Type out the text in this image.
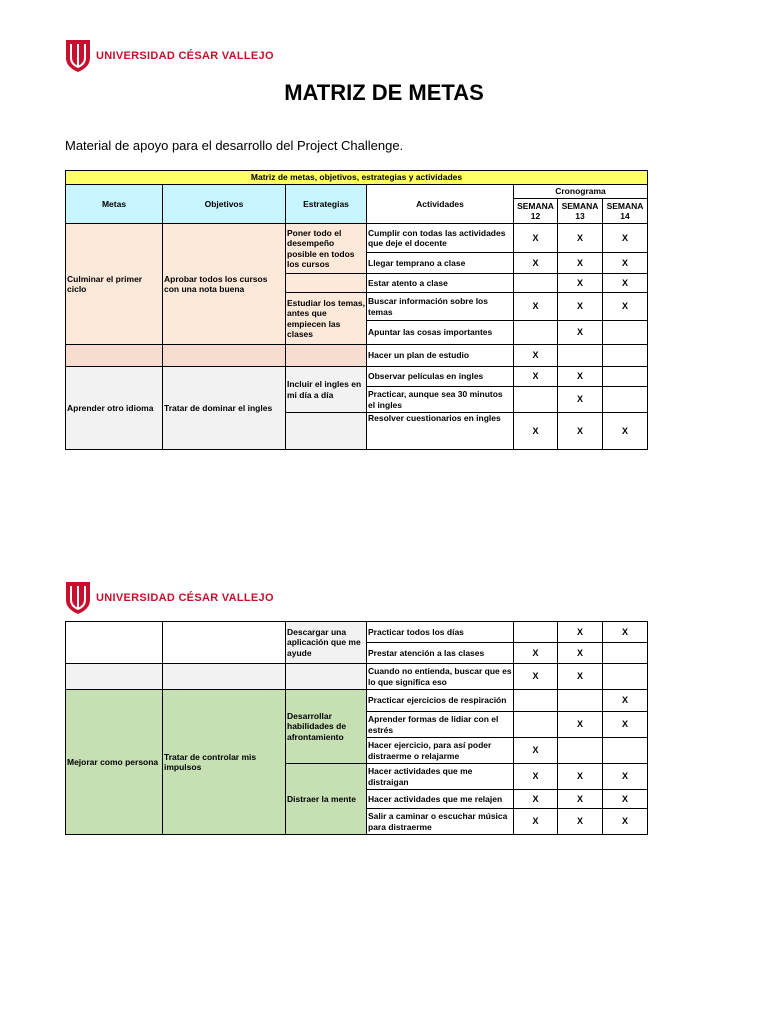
UNIVERSIDAD CÉSAR VALLEJO
MATRIZ DE METAS
Material de apoyo para el desarrollo del Project Challenge.
Matriz de metas, objetivos, estrategias y actividades						
Metas	Objetivos	Estrategias	Actividades	Cronograma		
				SEMANA 12	SEMANA 13	SEMANA 14
Culminar el primer ciclo	Aprobar todos los cursos con una nota buena	Poner todo el desempeño posible en todos los cursos	Cumplir con todas las actividades que deje el docente	X	X	X
			Llegar temprano a clase	X	X	X
			Estar atento a clase		X	X
		Estudiar los temas, antes que empiecen las clases	Buscar información sobre los temas	X	X	X
			Apuntar las cosas importantes		X	
			Hacer un plan de estudio	X		
Aprender otro idioma	Tratar de dominar el ingles	Incluir el ingles en mi día a día	Observar películas en ingles	X	X	
			Practicar, aunque sea 30 minutos el ingles		X	
			Resolver cuestionarios en ingles	X	X	X
UNIVERSIDAD CÉSAR VALLEJO
		Descargar una aplicación que me ayude	Practicar todos los días		X	X
			Prestar atención a las clases	X	X	
			Cuando no entienda, buscar que es lo que significa eso	X	X	
Mejorar como persona	Tratar de controlar mis impulsos	Desarrollar habilidades de afrontamiento	Practicar ejercicios de respiración			X
			Aprender formas de lidiar con el estrés		X	X
			Hacer ejercicio, para así poder distraerme o relajarme	X		
		Distraer la mente	Hacer actividades que me distraigan	X	X	X
			Hacer actividades que me relajen	X	X	X
			Salir a caminar o escuchar música para distraerme	X	X	X
